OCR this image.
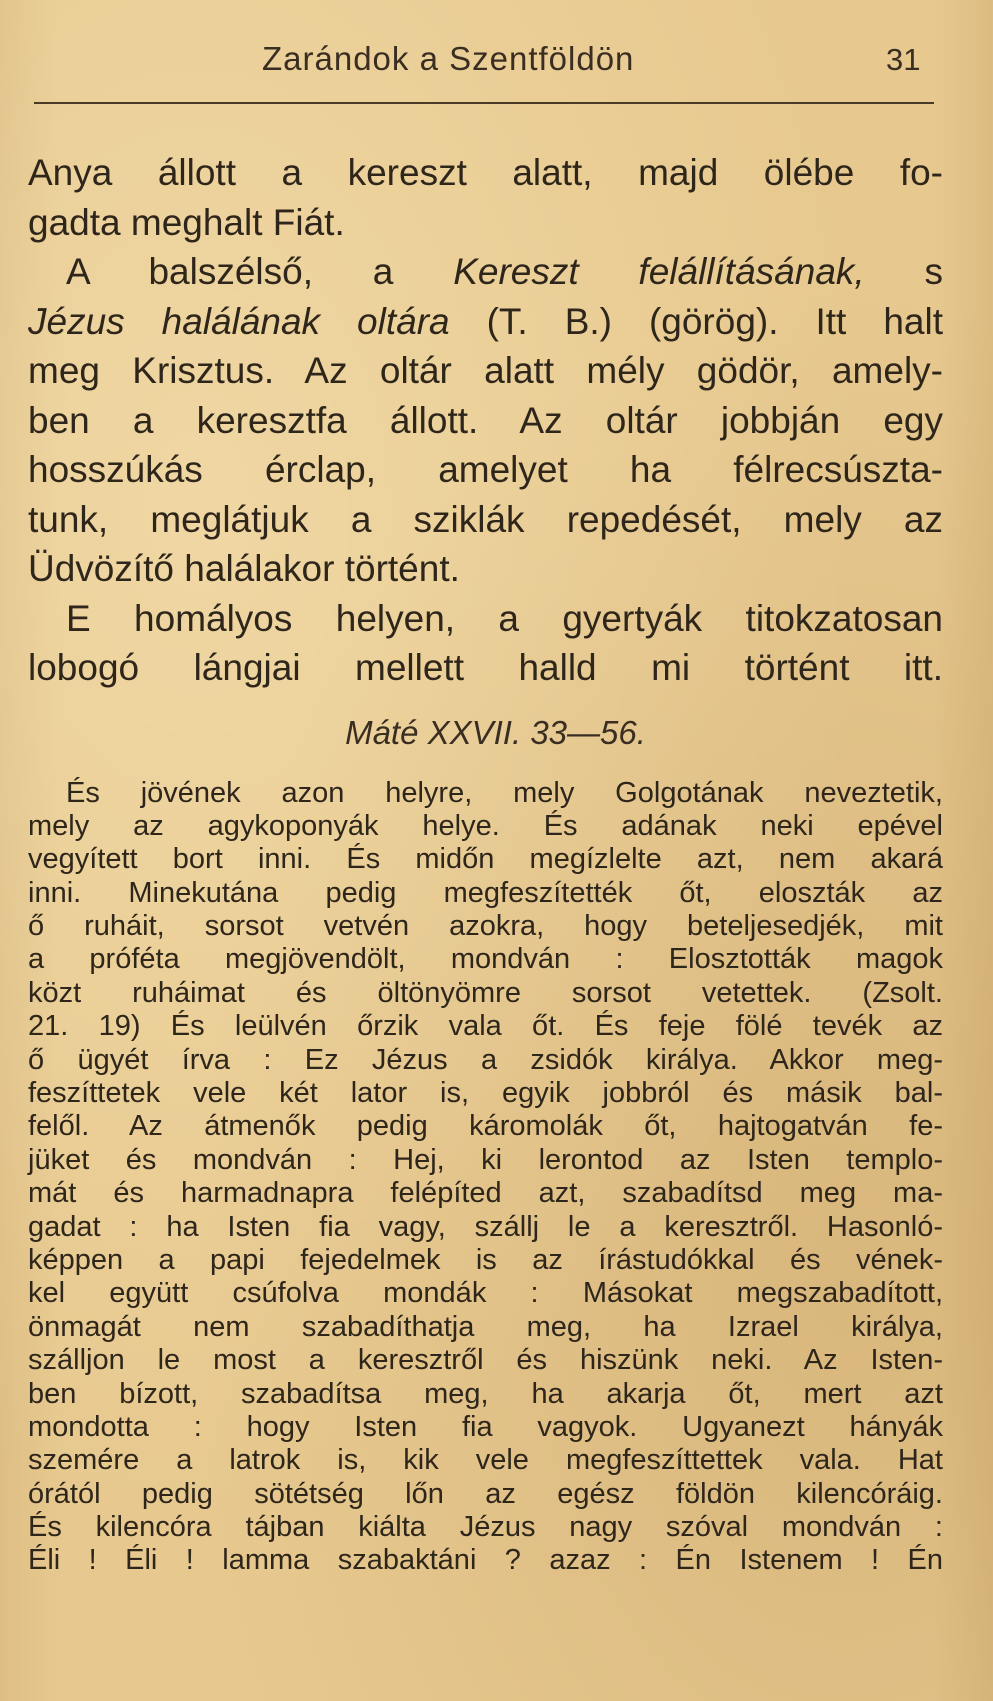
Zarándok a Szentföldön	31
Anya állott a kereszt alatt, majd ölébe fo-
gadta meghalt Fiát.
A balszélső, a Kereszt felállításának, s
Jézus halálának oltára (T. B.) (görög). Itt halt
meg Krisztus. Az oltár alatt mély gödör, amely-
ben a keresztfa állott. Az oltár jobbján egy
hosszúkás érclap, amelyet ha félrecsúszta-
tunk, meglátjuk a sziklák repedését, mely az
Üdvözítő halálakor történt.
E homályos helyen, a gyertyák titokzatosan
lobogó lángjai mellett halld mi történt itt.
Máté XXVII. 33—56.
És jövének azon helyre, mely Golgotának neveztetik,
mely az agykoponyák helye. És adának neki epével
vegyített bort inni. És midőn megízlelte azt, nem akará
inni. Minekutána pedig megfeszítették őt, eloszták az
ő ruháit, sorsot vetvén azokra, hogy beteljesedjék, mit
a próféta megjövendölt, mondván : Elosztották magok
közt ruháimat és öltönyömre sorsot vetettek. (Zsolt.
21. 19) És leülvén őrzik vala őt. És feje fölé tevék az
ő ügyét írva : Ez Jézus a zsidók királya. Akkor meg-
feszíttetek vele két lator is, egyik jobbról és másik bal-
felől. Az átmenők pedig káromolák őt, hajtogatván fe-
jüket és mondván : Hej, ki lerontod az Isten templo-
mát és harmadnapra felépíted azt, szabadítsd meg ma-
gadat : ha Isten fia vagy, szállj le a keresztről. Hasonló-
képpen a papi fejedelmek is az írástudókkal és vének-
kel együtt csúfolva mondák : Másokat megszabadított,
önmagát nem szabadíthatja meg, ha Izrael királya,
szálljon le most a keresztről és hiszünk neki. Az Isten-
ben bízott, szabadítsa meg, ha akarja őt, mert azt
mondotta : hogy Isten fia vagyok. Ugyanezt hányák
szemére a latrok is, kik vele megfeszíttettek vala. Hat
órától pedig sötétség lőn az egész földön kilencóráig.
És kilencóra tájban kiálta Jézus nagy szóval mondván :
Éli ! Éli ! lamma szabaktáni ? azaz : Én Istenem ! Én
